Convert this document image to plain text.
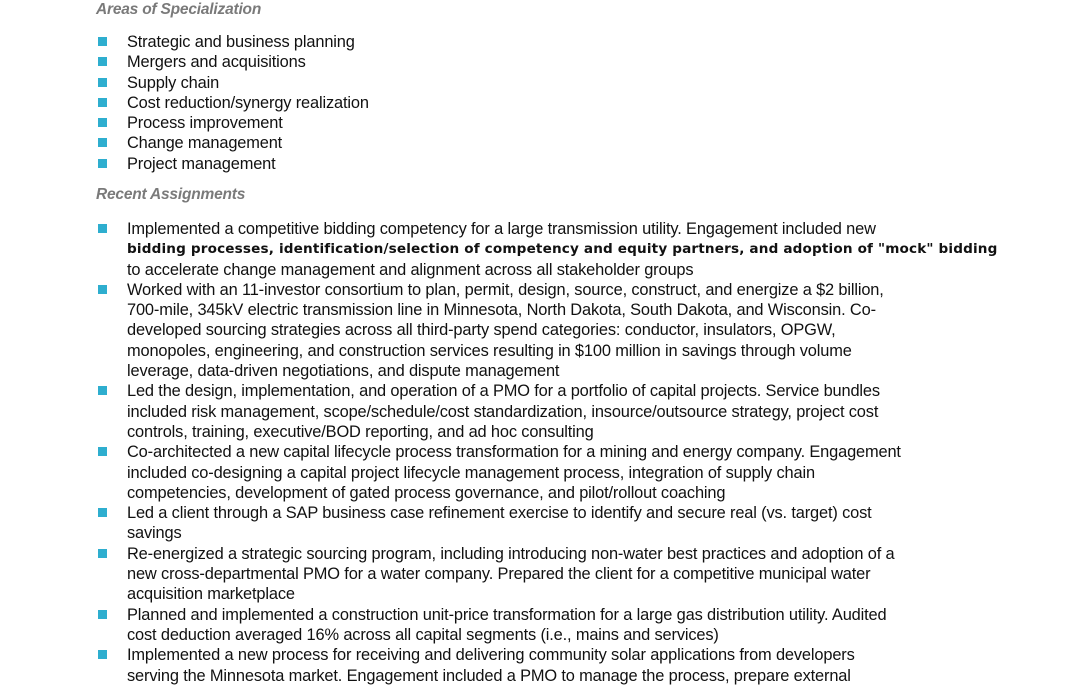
Areas of Specialization
Strategic and business planning
Mergers and acquisitions
Supply chain
Cost reduction/synergy realization
Process improvement
Change management
Project management
Recent Assignments
Implemented a competitive bidding competency for a large transmission utility. Engagement included new
bidding processes, identification/selection of competency and equity partners, and adoption of "mock" bidding
to accelerate change management and alignment across all stakeholder groups
Worked with an 11-investor consortium to plan, permit, design, source, construct, and energize a $2 billion,
700-mile, 345kV electric transmission line in Minnesota, North Dakota, South Dakota, and Wisconsin. Co-
developed sourcing strategies across all third-party spend categories: conductor, insulators, OPGW,
monopoles, engineering, and construction services resulting in $100 million in savings through volume
leverage, data-driven negotiations, and dispute management
Led the design, implementation, and operation of a PMO for a portfolio of capital projects. Service bundles
included risk management, scope/schedule/cost standardization, insource/outsource strategy, project cost
controls, training, executive/BOD reporting, and ad hoc consulting
Co-architected a new capital lifecycle process transformation for a mining and energy company. Engagement
included co-designing a capital project lifecycle management process, integration of supply chain
competencies, development of gated process governance, and pilot/rollout coaching
Led a client through a SAP business case refinement exercise to identify and secure real (vs. target) cost
savings
Re-energized a strategic sourcing program, including introducing non-water best practices and adoption of a
new cross-departmental PMO for a water company. Prepared the client for a competitive municipal water
acquisition marketplace
Planned and implemented a construction unit-price transformation for a large gas distribution utility. Audited
cost deduction averaged 16% across all capital segments (i.e., mains and services)
Implemented a new process for receiving and delivering community solar applications from developers
serving the Minnesota market. Engagement included a PMO to manage the process, prepare external
